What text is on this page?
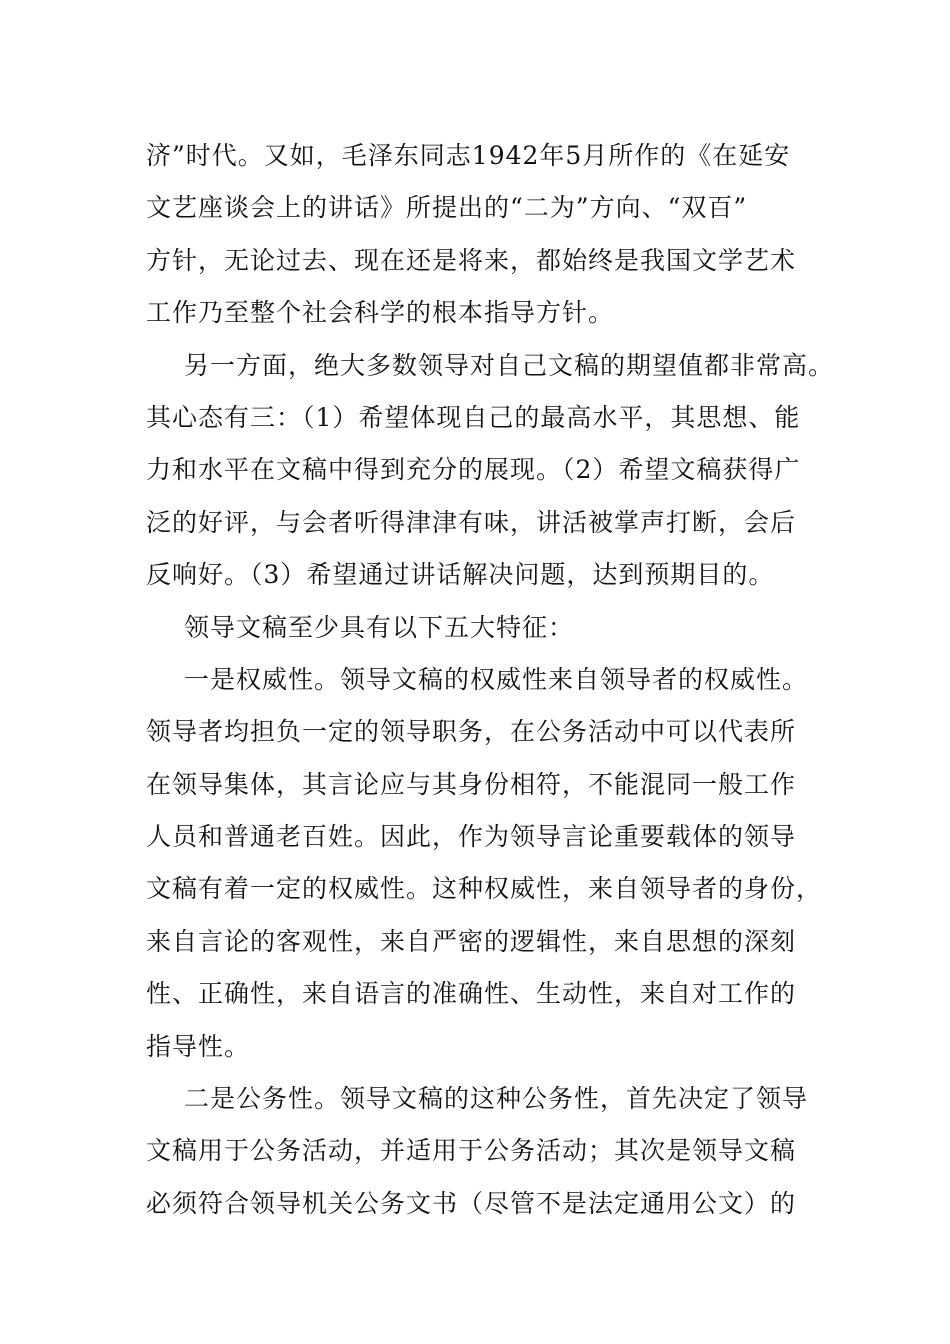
济”时代。又如，毛泽东同志1942年5月所作的《在延安
文艺座谈会上的讲话》所提出的“二为”方向、“双百”
方针，无论过去、现在还是将来，都始终是我国文学艺术
工作乃至整个社会科学的根本指导方针。
另一方面，绝大多数领导对自己文稿的期望值都非常高。
其心态有三：（1）希望体现自己的最高水平，其思想、能
力和水平在文稿中得到充分的展现。（2）希望文稿获得广
泛的好评，与会者听得津津有味，讲活被掌声打断，会后
反响好。（3）希望通过讲话解决问题，达到预期目的。
领导文稿至少具有以下五大特征：
一是权威性。领导文稿的权威性来自领导者的权威性。
领导者均担负一定的领导职务，在公务活动中可以代表所
在领导集体，其言论应与其身份相符，不能混同一般工作
人员和普通老百姓。因此，作为领导言论重要载体的领导
文稿有着一定的权威性。这种权威性，来自领导者的身份，
来自言论的客观性，来自严密的逻辑性，来自思想的深刻
性、正确性，来自语言的准确性、生动性，来自对工作的
指导性。
二是公务性。领导文稿的这种公务性，首先决定了领导
文稿用于公务活动，并适用于公务活动；其次是领导文稿
必须符合领导机关公务文书（尽管不是法定通用公文）的
